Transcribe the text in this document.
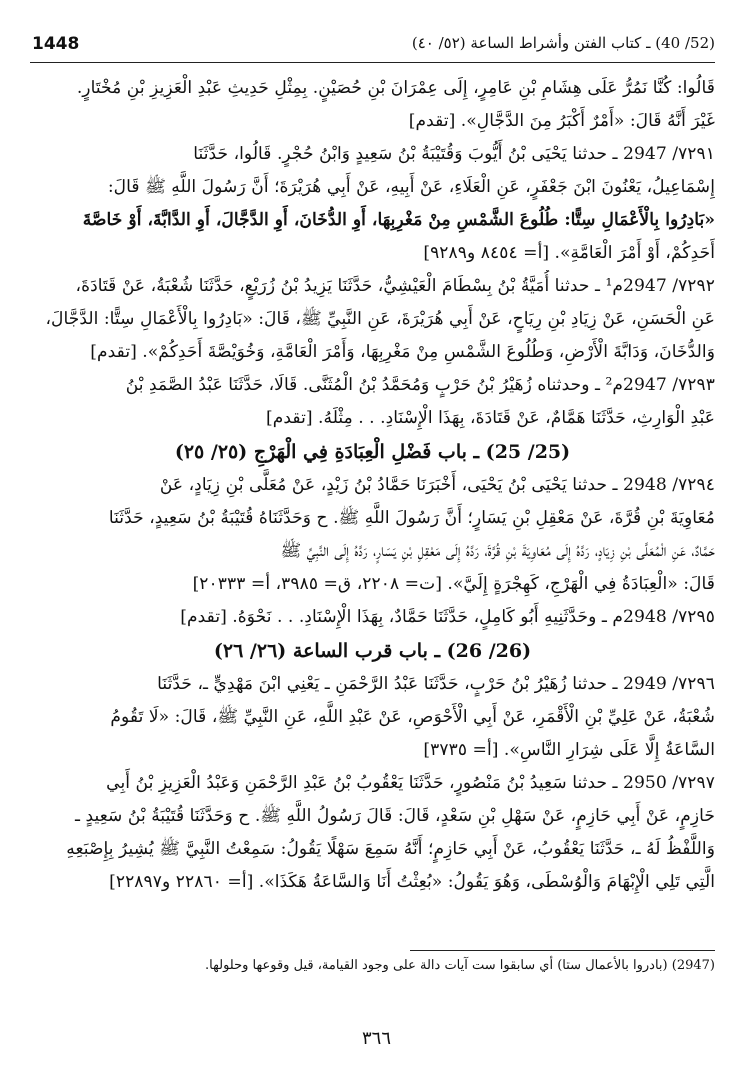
1448	(52/ 40) ـ كتاب الفتن وأشراط الساعة (٥٢/ ٤٠)
قَالُوا: كُنَّا نَمُرُّ عَلَى هِشَامِ بْنِ عَامِرٍ، إِلَى عِمْرَانَ بْنِ حُصَيْنٍ. بِمِثْلِ حَدِيثِ عَبْدِ الْعَزِيزِ بْنِ مُخْتَارٍ.
غَيْرَ أَنَّهُ قَالَ: «أَمْرٌ أَكْبَرُ مِنَ الدَّجَّالِ». [تقدم]
٧٢٩١/ 2947 ـ حدثنا يَحْيَى بْنُ أَيُّوبَ وَقُتَيْبَةُ بْنُ سَعِيدٍ وَابْنُ حُجْرٍ. قَالُوا، حَدَّثَنَا
إِسْمَاعِيلُ، يَعْنُونَ ابْنَ جَعْفَرٍ، عَنِ الْعَلَاءِ، عَنْ أَبِيهِ، عَنْ أَبِي هُرَيْرَةَ؛ أَنَّ رَسُولَ اللَّهِ ﷺ قَالَ:
«بَادِرُوا بِالْأَعْمَالِ سِتًّا: طُلُوعَ الشَّمْسِ مِنْ مَغْرِبِهَا، أَوِ الدُّخَانَ، أَوِ الدَّجَّالَ، أَوِ الدَّابَّةَ، أَوْ خَاصَّةَ
أَحَدِكُمْ، أَوْ أَمْرَ الْعَامَّةِ». [أ= ٨٤٥٤ و٩٢٨٩]
٧٢٩٢/ 2947م¹ ـ حدثنا أُمَيَّةُ بْنُ بِسْطَامَ الْعَيْشِيُّ، حَدَّثَنَا يَزِيدُ بْنُ زُرَيْعٍ، حَدَّثَنَا شُعْبَةُ، عَنْ قَتَادَةَ،
عَنِ الْحَسَنِ، عَنْ زِيَادِ بْنِ رِيَاحٍ، عَنْ أَبِي هُرَيْرَةَ، عَنِ النَّبِيِّ ﷺ، قَالَ: «بَادِرُوا بِالْأَعْمَالِ سِتًّا: الدَّجَّالَ،
وَالدُّخَانَ، وَدَابَّةَ الْأَرْضِ، وَطُلُوعَ الشَّمْسِ مِنْ مَغْرِبِهَا، وَأَمْرَ الْعَامَّةِ، وَخُوَيْصَّةَ أَحَدِكُمْ». [تقدم]
٧٢٩٣/ 2947م² ـ وحدثناه زُهَيْرُ بْنُ حَرْبٍ وَمُحَمَّدُ بْنُ الْمُثَنَّى. قَالَا، حَدَّثَنَا عَبْدُ الصَّمَدِ بْنُ
عَبْدِ الْوَارِثِ، حَدَّثَنَا هَمَّامٌ، عَنْ قَتَادَةَ، بِهَذَا الْإِسْنَادِ. . . مِثْلَهُ. [تقدم]
(25/ 25) ـ باب فَضْلِ الْعِبَادَةِ فِي الْهَرْجِ (٢٥/ ٢٥)
٧٢٩٤/ 2948 ـ حدثنا يَحْيَى بْنُ يَحْيَى، أَخْبَرَنَا حَمَّادُ بْنُ زَيْدٍ، عَنْ مُعَلَّى بْنِ زِيَادٍ، عَنْ
مُعَاوِيَةَ بْنِ قُرَّةَ، عَنْ مَعْقِلِ بْنِ يَسَارٍ؛ أَنَّ رَسُولَ اللَّهِ ﷺ. ح وَحَدَّثَنَاهُ قُتَيْبَةُ بْنُ سَعِيدٍ، حَدَّثَنَا
حَمَّادٌ، عَنِ الْمُعَلَّى بْنِ زِيَادٍ، رَدَّهُ إِلَى مُعَاوِيَةَ بْنِ قُرَّةَ، رَدَّهُ إِلَى مَعْقِلِ بْنِ يَسَارٍ، رَدَّهُ إِلَى النَّبِيِّ ﷺ
قَالَ: «الْعِبَادَةُ فِي الْهَرْجِ، كَهِجْرَةٍ إِلَيَّ». [ت= ٢٢٠٨، ق= ٣٩٨٥، أ= ٢٠٣٣٣]
٧٢٩٥/ 2948م ـ وحَدَّثَنِيهِ أَبُو كَامِلٍ، حَدَّثَنَا حَمَّادٌ، بِهَذَا الْإِسْنَادِ. . . نَحْوَهُ. [تقدم]
(26/ 26) ـ باب قرب الساعة (٢٦/ ٢٦)
٧٢٩٦/ 2949 ـ حدثنا زُهَيْرُ بْنُ حَرْبٍ، حَدَّثَنَا عَبْدُ الرَّحْمَنِ ـ يَعْنِي ابْنَ مَهْدِيٍّ ـ، حَدَّثَنَا
شُعْبَةُ، عَنْ عَلِيِّ بْنِ الْأَقْمَرِ، عَنْ أَبِي الْأَحْوَصِ، عَنْ عَبْدِ اللَّهِ، عَنِ النَّبِيِّ ﷺ، قَالَ: «لَا تَقُومُ
السَّاعَةُ إِلَّا عَلَى شِرَارِ النَّاسِ». [أ= ٣٧٣٥]
٧٢٩٧/ 2950 ـ حدثنا سَعِيدُ بْنُ مَنْصُورٍ، حَدَّثَنَا يَعْقُوبُ بْنُ عَبْدِ الرَّحْمَنِ وَعَبْدُ الْعَزِيزِ بْنُ أَبِي
حَازِمٍ، عَنْ أَبِي حَازِمٍ، عَنْ سَهْلِ بْنِ سَعْدٍ، قَالَ: قَالَ رَسُولُ اللَّهِ ﷺ. ح وَحَدَّثَنَا قُتَيْبَةُ بْنُ سَعِيدٍ ـ
وَاللَّفْظُ لَهُ ـ، حَدَّثَنَا يَعْقُوبُ، عَنْ أَبِي حَازِمٍ؛ أَنَّهُ سَمِعَ سَهْلًا يَقُولُ: سَمِعْتُ النَّبِيَّ ﷺ يُشِيرُ بِإِصْبَعِهِ
الَّتِي تَلِي الْإِبْهَامَ وَالْوُسْطَى، وَهُوَ يَقُولُ: «بُعِثْتُ أَنَا وَالسَّاعَةُ هَكَذَا». [أ= ٢٢٨٦٠ و٢٢٨٩٧]
(2947) (بادروا بالأعمال ستا) أي سابقوا ست آيات دالة على وجود القيامة، قيل وقوعها وحلولها.
٣٦٦
